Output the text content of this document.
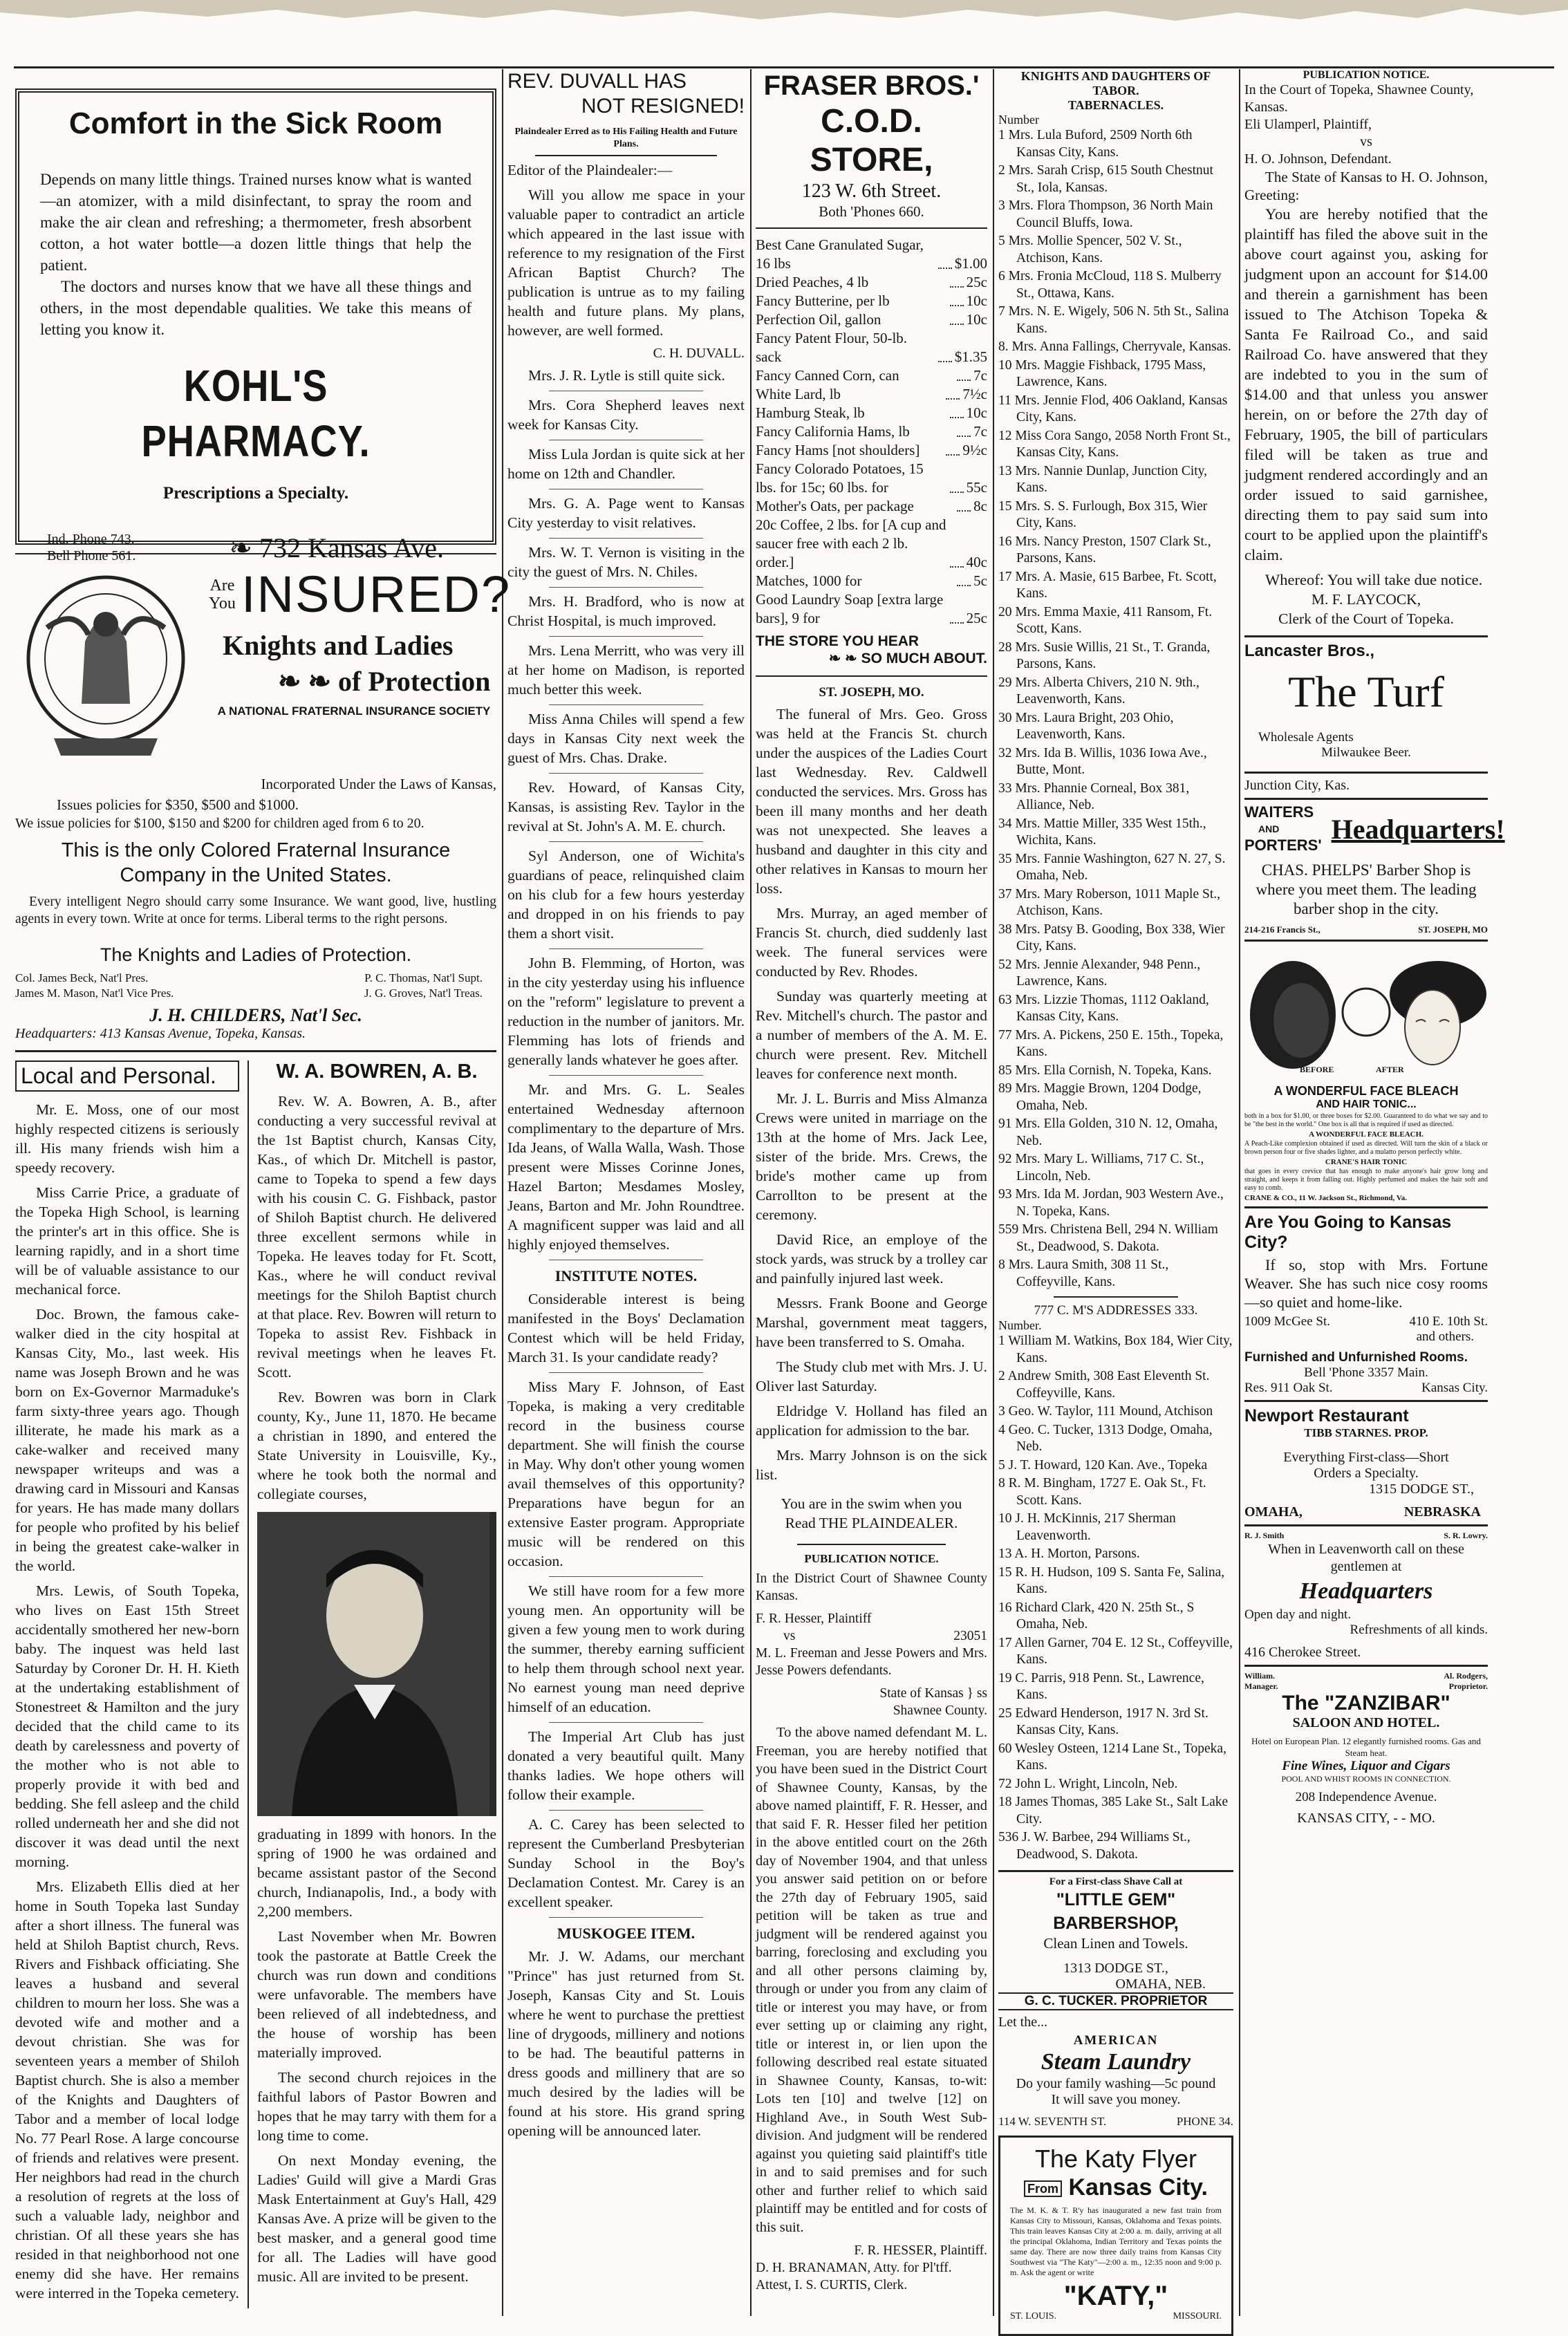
Comfort in the Sick Room

Depends on many little things. Trained nurses know what is wanted—an atomizer, with a mild disinfectant, to spray the room and make the air clean and refreshing; a thermometer, fresh absorbent cotton, a hot water bottle—a dozen little things that help the patient.

The doctors and nurses know that we have all these things and others, in the most dependable qualities. We take this means of letting you know it.

KOHL'S PHARMACY.
Prescriptions a Specialty.
Ind. Phone 743.
Bell Phone 561.	❧ 732 Kansas Ave.
Are
You INSURED?
Knights and Ladies
❧ ❧ of Protection
A NATIONAL FRATERNAL INSURANCE SOCIETY
Incorporated Under the Laws of Kansas,
Issues policies for $350, $500 and $1000.
We issue policies for $100, $150 and $200 for children aged from 6 to 20.
This is the only Colored Fraternal Insurance
Company in the United States.

Every intelligent Negro should carry some Insurance. We want good, live, hustling agents in every town. Write at once for terms. Liberal terms to the right persons.

The Knights and Ladies of Protection.
Col. James Beck, Nat'l Pres.	P. C. Thomas, Nat'l Supt.
James M. Mason, Nat'l Vice Pres.	J. G. Groves, Nat'l Treas.
J. H. CHILDERS, Nat'l Sec.
Headquarters: 413 Kansas Avenue, Topeka, Kansas.
Local and Personal.

Mr. E. Moss, one of our most highly respected citizens is seriously ill. His many friends wish him a speedy recovery.

Miss Carrie Price, a graduate of the Topeka High School, is learning the printer's art in this office. She is learning rapidly, and in a short time will be of valuable assistance to our mechanical force.

Doc. Brown, the famous cake-walker died in the city hospital at Kansas City, Mo., last week. His name was Joseph Brown and he was born on Ex-Governor Marmaduke's farm sixty-three years ago. Though illiterate, he made his mark as a cake-walker and received many newspaper writeups and was a drawing card in Missouri and Kansas for years. He has made many dollars for people who profited by his belief in being the greatest cake-walker in the world.

Mrs. Lewis, of South Topeka, who lives on East 15th Street accidentally smothered her new-born baby. The inquest was held last Saturday by Coroner Dr. H. H. Kieth at the undertaking establishment of Stonestreet & Hamilton and the jury decided that the child came to its death by carelessness and poverty of the mother who is not able to properly provide it with bed and bedding. She fell asleep and the child rolled underneath her and she did not discover it was dead until the next morning.

Mrs. Elizabeth Ellis died at her home in South Topeka last Sunday after a short illness. The funeral was held at Shiloh Baptist church, Revs. Rivers and Fishback officiating. She leaves a husband and several children to mourn her loss. She was a devoted wife and mother and a devout christian. She was for seventeen years a member of Shiloh Baptist church. She is also a member of the Knights and Daughters of Tabor and a member of local lodge No. 77 Pearl Rose. A large concourse of friends and relatives were present. Her neighbors had read in the church a resolution of regrets at the loss of such a valuable lady, neighbor and christian. Of all these years she has resided in that neighborhood not one enemy did she have. Her remains were interred in the Topeka cemetery.

W. A. BOWREN, A. B.

Rev. W. A. Bowren, A. B., after conducting a very successful revival at the 1st Baptist church, Kansas City, Kas., of which Dr. Mitchell is pastor, came to Topeka to spend a few days with his cousin C. G. Fishback, pastor of Shiloh Baptist church. He delivered three excellent sermons while in Topeka. He leaves today for Ft. Scott, Kas., where he will conduct revival meetings for the Shiloh Baptist church at that place. Rev. Bowren will return to Topeka to assist Rev. Fishback in revival meetings when he leaves Ft. Scott.

Rev. Bowren was born in Clark county, Ky., June 11, 1870. He became a christian in 1890, and entered the State University in Louisville, Ky., where he took both the normal and collegiate courses,

graduating in 1899 with honors. In the spring of 1900 he was ordained and became assistant pastor of the Second church, Indianapolis, Ind., a body with 2,200 members.

Last November when Mr. Bowren took the pastorate at Battle Creek the church was run down and conditions were unfavorable. The members have been relieved of all indebtedness, and the house of worship has been materially improved.

The second church rejoices in the faithful labors of Pastor Bowren and hopes that he may tarry with them for a long time to come.

On next Monday evening, the Ladies' Guild will give a Mardi Gras Mask Entertainment at Guy's Hall, 429 Kansas Ave. A prize will be given to the best masker, and a general good time for all. The Ladies will have good music. All are invited to be present.

REV. DUVALL HAS
NOT RESIGNED!
Plaindealer Erred as to His Failing Health and Future Plans.

Editor of the Plaindealer:—

Will you allow me space in your valuable paper to contradict an article which appeared in the last issue with reference to my resignation of the First African Baptist Church? The publication is untrue as to my failing health and future plans. My plans, however, are well formed.

C. H. DUVALL.

Mrs. J. R. Lytle is still quite sick.

Mrs. Cora Shepherd leaves next week for Kansas City.

Miss Lula Jordan is quite sick at her home on 12th and Chandler.

Mrs. G. A. Page went to Kansas City yesterday to visit relatives.

Mrs. W. T. Vernon is visiting in the city the guest of Mrs. N. Chiles.

Mrs. H. Bradford, who is now at Christ Hospital, is much improved.

Mrs. Lena Merritt, who was very ill at her home on Madison, is reported much better this week.

Miss Anna Chiles will spend a few days in Kansas City next week the guest of Mrs. Chas. Drake.

Rev. Howard, of Kansas City, Kansas, is assisting Rev. Taylor in the revival at St. John's A. M. E. church.

Syl Anderson, one of Wichita's guardians of peace, relinquished claim on his club for a few hours yesterday and dropped in on his friends to pay them a short visit.

John B. Flemming, of Horton, was in the city yesterday using his influence on the "reform" legislature to prevent a reduction in the number of janitors. Mr. Flemming has lots of friends and generally lands whatever he goes after.

Mr. and Mrs. G. L. Seales entertained Wednesday afternoon complimentary to the departure of Mrs. Ida Jeans, of Walla Walla, Wash. Those present were Misses Corinne Jones, Hazel Barton; Mesdames Mosley, Jeans, Barton and Mr. John Roundtree. A magnificent supper was laid and all highly enjoyed themselves.

INSTITUTE NOTES.

Considerable interest is being manifested in the Boys' Declamation Contest which will be held Friday, March 31. Is your candidate ready?

Miss Mary F. Johnson, of East Topeka, is making a very creditable record in the business course department. She will finish the course in May. Why don't other young women avail themselves of this opportunity? Preparations have begun for an extensive Easter program. Appropriate music will be rendered on this occasion.

We still have room for a few more young men. An opportunity will be given a few young men to work during the summer, thereby earning sufficient to help them through school next year. No earnest young man need deprive himself of an education.

The Imperial Art Club has just donated a very beautiful quilt. Many thanks ladies. We hope others will follow their example.

A. C. Carey has been selected to represent the Cumberland Presbyterian Sunday School in the Boy's Declamation Contest. Mr. Carey is an excellent speaker.

MUSKOGEE ITEM.

Mr. J. W. Adams, our merchant "Prince" has just returned from St. Joseph, Kansas City and St. Louis where he went to purchase the prettiest line of drygoods, millinery and notions to be had. The beautiful patterns in dress goods and millinery that are so much desired by the ladies will be found at his store. His grand spring opening will be announced later.

FRASER BROS.'
C.O.D. STORE,
123 W. 6th Street.
Both 'Phones 660.
Best Cane Granulated Sugar, 16 lbs	$1.00
Dried Peaches, 4 lb	25c
Fancy Butterine, per lb	10c
Perfection Oil, gallon	10c
Fancy Patent Flour, 50-lb. sack	$1.35
Fancy Canned Corn, can	7c
White Lard, lb	7½c
Hamburg Steak, lb	10c
Fancy California Hams, lb	7c
Fancy Hams [not shoulders]	9½c
Fancy Colorado Potatoes, 15 lbs. for 15c; 60 lbs. for	55c
Mother's Oats, per package	8c
20c Coffee, 2 lbs. for [A cup and saucer free with each 2 lb. order.]	40c
Matches, 1000 for	5c
Good Laundry Soap [extra large bars], 9 for	25c
THE STORE YOU HEAR
❧ ❧ SO MUCH ABOUT.
ST. JOSEPH, MO.

The funeral of Mrs. Geo. Gross was held at the Francis St. church under the auspices of the Ladies Court last Wednesday. Rev. Caldwell conducted the services. Mrs. Gross has been ill many months and her death was not unexpected. She leaves a husband and daughter in this city and other relatives in Kansas to mourn her loss.

Mrs. Murray, an aged member of Francis St. church, died suddenly last week. The funeral services were conducted by Rev. Rhodes.

Sunday was quarterly meeting at Rev. Mitchell's church. The pastor and a number of members of the A. M. E. church were present. Rev. Mitchell leaves for conference next month.

Mr. J. L. Burris and Miss Almanza Crews were united in marriage on the 13th at the home of Mrs. Jack Lee, sister of the bride. Mrs. Crews, the bride's mother came up from Carrollton to be present at the ceremony.

David Rice, an employe of the stock yards, was struck by a trolley car and painfully injured last week.

Messrs. Frank Boone and George Marshal, government meat taggers, have been transferred to S. Omaha.

The Study club met with Mrs. J. U. Oliver last Saturday.

Eldridge V. Holland has filed an application for admission to the bar.

Mrs. Marry Johnson is on the sick list.

You are in the swim when you
Read THE PLAINDEALER.
PUBLICATION NOTICE.

In the District Court of Shawnee County Kansas.

F. R. Hesser, Plaintiff

vs	23051

M. L. Freeman and Jesse Powers and Mrs. Jesse Powers defendants.

State of Kansas } ss
Shawnee County.

To the above named defendant M. L. Freeman, you are hereby notified that you have been sued in the District Court of Shawnee County, Kansas, by the above named plaintiff, F. R. Hesser, and that said F. R. Hesser filed her petition in the above entitled court on the 26th day of November 1904, and that unless you answer said petition on or before the 27th day of February 1905, said petition will be taken as true and judgment will be rendered against you barring, foreclosing and excluding you and all other persons claiming by, through or under you from any claim of title or interest you may have, or from ever setting up or claiming any right, title or interest in, or lien upon the following described real estate situated in Shawnee County, Kansas, to-wit: Lots ten [10] and twelve [12] on Highland Ave., in South West Sub-division. And judgment will be rendered against you quieting said plaintiff's title in and to said premises and for such other and further relief to which said plaintiff may be entitled and for costs of this suit.

F. R. HESSER, Plaintiff.
D. H. BRANAMAN, Atty. for Pl'tff.
Attest, I. S. CURTIS, Clerk.
KNIGHTS AND DAUGHTERS OF
TABOR.
TABERNACLES.
Number
1 Mrs. Lula Buford, 2509 North 6th Kansas City, Kans.
2 Mrs. Sarah Crisp, 615 South Chestnut St., Iola, Kansas.
3 Mrs. Flora Thompson, 36 North Main Council Bluffs, Iowa.
5 Mrs. Mollie Spencer, 502 V. St., Atchison, Kans.
6 Mrs. Fronia McCloud, 118 S. Mulberry St., Ottawa, Kans.
7 Mrs. N. E. Wigely, 506 N. 5th St., Salina Kans.
8. Mrs. Anna Fallings, Cherryvale, Kansas.
10 Mrs. Maggie Fishback, 1795 Mass, Lawrence, Kans.
11 Mrs. Jennie Flod, 406 Oakland, Kansas City, Kans.
12 Miss Cora Sango, 2058 North Front St., Kansas City, Kans.
13 Mrs. Nannie Dunlap, Junction City, Kans.
15 Mrs. S. S. Furlough, Box 315, Wier City, Kans.
16 Mrs. Nancy Preston, 1507 Clark St., Parsons, Kans.
17 Mrs. A. Masie, 615 Barbee, Ft. Scott, Kans.
20 Mrs. Emma Maxie, 411 Ransom, Ft. Scott, Kans.
28 Mrs. Susie Willis, 21 St., T. Granda, Parsons, Kans.
29 Mrs. Alberta Chivers, 210 N. 9th., Leavenworth, Kans.
30 Mrs. Laura Bright, 203 Ohio, Leavenworth, Kans.
32 Mrs. Ida B. Willis, 1036 Iowa Ave., Butte, Mont.
33 Mrs. Phannie Corneal, Box 381, Alliance, Neb.
34 Mrs. Mattie Miller, 335 West 15th., Wichita, Kans.
35 Mrs. Fannie Washington, 627 N. 27, S. Omaha, Neb.
37 Mrs. Mary Roberson, 1011 Maple St., Atchison, Kans.
38 Mrs. Patsy B. Gooding, Box 338, Wier City, Kans.
52 Mrs. Jennie Alexander, 948 Penn., Lawrence, Kans.
63 Mrs. Lizzie Thomas, 1112 Oakland, Kansas City, Kans.
77 Mrs. A. Pickens, 250 E. 15th., Topeka, Kans.
85 Mrs. Ella Cornish, N. Topeka, Kans.
89 Mrs. Maggie Brown, 1204 Dodge, Omaha, Neb.
91 Mrs. Ella Golden, 310 N. 12, Omaha, Neb.
92 Mrs. Mary L. Williams, 717 C. St., Lincoln, Neb.
93 Mrs. Ida M. Jordan, 903 Western Ave., N. Topeka, Kans.
559 Mrs. Christena Bell, 294 N. William St., Deadwood, S. Dakota.
8 Mrs. Laura Smith, 308 11 St., Coffeyville, Kans.
777 C. M'S ADDRESSES 333.
Number.
1 William M. Watkins, Box 184, Wier City, Kans.
2 Andrew Smith, 308 East Eleventh St. Coffeyville, Kans.
3 Geo. W. Taylor, 111 Mound, Atchison
4 Geo. C. Tucker, 1313 Dodge, Omaha, Neb.
5 J. T. Howard, 120 Kan. Ave., Topeka
8 R. M. Bingham, 1727 E. Oak St., Ft. Scott. Kans.
10 J. H. McKinnis, 217 Sherman Leavenworth.
13 A. H. Morton, Parsons.
15 R. H. Hudson, 109 S. Santa Fe, Salina, Kans.
16 Richard Clark, 420 N. 25th St., S Omaha, Neb.
17 Allen Garner, 704 E. 12 St., Coffeyville, Kans.
19 C. Parris, 918 Penn. St., Lawrence, Kans.
25 Edward Henderson, 1917 N. 3rd St. Kansas City, Kans.
60 Wesley Osteen, 1214 Lane St., Topeka, Kans.
72 John L. Wright, Lincoln, Neb.
18 James Thomas, 385 Lake St., Salt Lake City.
536 J. W. Barbee, 294 Williams St., Deadwood, S. Dakota.
For a First-class Shave Call at
"LITTLE GEM" BARBERSHOP,
Clean Linen and Towels.
1313 DODGE ST.,
OMAHA, NEB.
G. C. TUCKER. PROPRIETOR
Let the...
AMERICAN
Steam Laundry
Do your family washing—5c pound
It will save you money.
114 W. SEVENTH ST.	PHONE 34.
The Katy Flyer
From Kansas City.

The M. K. & T. R'y has inaugurated a new fast train from Kansas City to Missouri, Kansas, Oklahoma and Texas points. This train leaves Kansas City at 2:00 a. m. daily, arriving at all the principal Oklahoma, Indian Territory and Texas points the same day. There are now three daily trains from Kansas City Southwest via "The Katy"—2:00 a. m., 12:35 noon and 9:00 p. m. Ask the agent or write

"KATY,"
ST. LOUIS.	MISSOURI.
PUBLICATION NOTICE.
In the Court of Topeka, Shawnee County, Kansas.
Eli Ulamperl, Plaintiff,
vs
H. O. Johnson, Defendant.

The State of Kansas to H. O. Johnson, Greeting:

You are hereby notified that the plaintiff has filed the above suit in the above court against you, asking for judgment upon an account for $14.00 and therein a garnishment has been issued to The Atchison Topeka & Santa Fe Railroad Co., and said Railroad Co. have answered that they are indebted to you in the sum of $14.00 and that unless you answer herein, on or before the 27th day of February, 1905, the bill of particulars filed will be taken as true and judgment rendered accordingly and an order issued to said garnishee, directing them to pay said sum into court to be applied upon the plaintiff's claim.

Whereof: You will take due notice.

M. F. LAYCOCK,
Clerk of the Court of Topeka.
Lancaster Bros.,
The Turf
Wholesale Agents
Milwaukee Beer.
Junction City, Kas.
WAITERS
AND
PORTERS'
Headquarters!

CHAS. PHELPS' Barber Shop is where you meet them. The leading barber shop in the city.

214-216 Francis St.,	ST. JOSEPH, MO
BEFORE	AFTER
A WONDERFUL FACE BLEACH
AND HAIR TONIC...

both in a box for $1.00, or three boxes for $2.00. Guaranteed to do what we say and to be "the best in the world." One box is all that is required if used as directed.

A WONDERFUL FACE BLEACH.

A Peach-Like complexion obtained if used as directed. Will turn the skin of a black or brown person four or five shades lighter, and a mulatto person perfectly white.

CRANE'S HAIR TONIC

that goes in every crevice that has enough to make anyone's hair grow long and straight, and keeps it from falling out. Highly perfumed and makes the hair soft and easy to comb.

CRANE & CO., 11 W. Jackson St., Richmond, Va.
Are You Going to Kansas City?

If so, stop with Mrs. Fortune Weaver. She has such nice cosy rooms—so quiet and home-like.

1009 McGee St.	410 E. 10th St.
and others.
Furnished and Unfurnished Rooms.
Bell 'Phone 3357 Main.
Res. 911 Oak St.	Kansas City.
Newport Restaurant
TIBB STARNES. PROP.
Everything First-class—Short
Orders a Specialty.
1315 DODGE ST.,
OMAHA,	NEBRASKA
R. J. Smith	S. R. Lowry.
When in Leavenworth call on these gentlemen at
Headquarters
Open day and night.
Refreshments of all kinds.
416 Cherokee Street.
William.
Manager.
Al. Rodgers,
Proprietor.
The "ZANZIBAR"
SALOON AND HOTEL.
Hotel on European Plan. 12 elegantly furnished rooms. Gas and Steam heat.
Fine Wines, Liquor and Cigars
POOL AND WHIST ROOMS IN CONNECTION.
208 Independence Avenue.
KANSAS CITY, - - MO.
